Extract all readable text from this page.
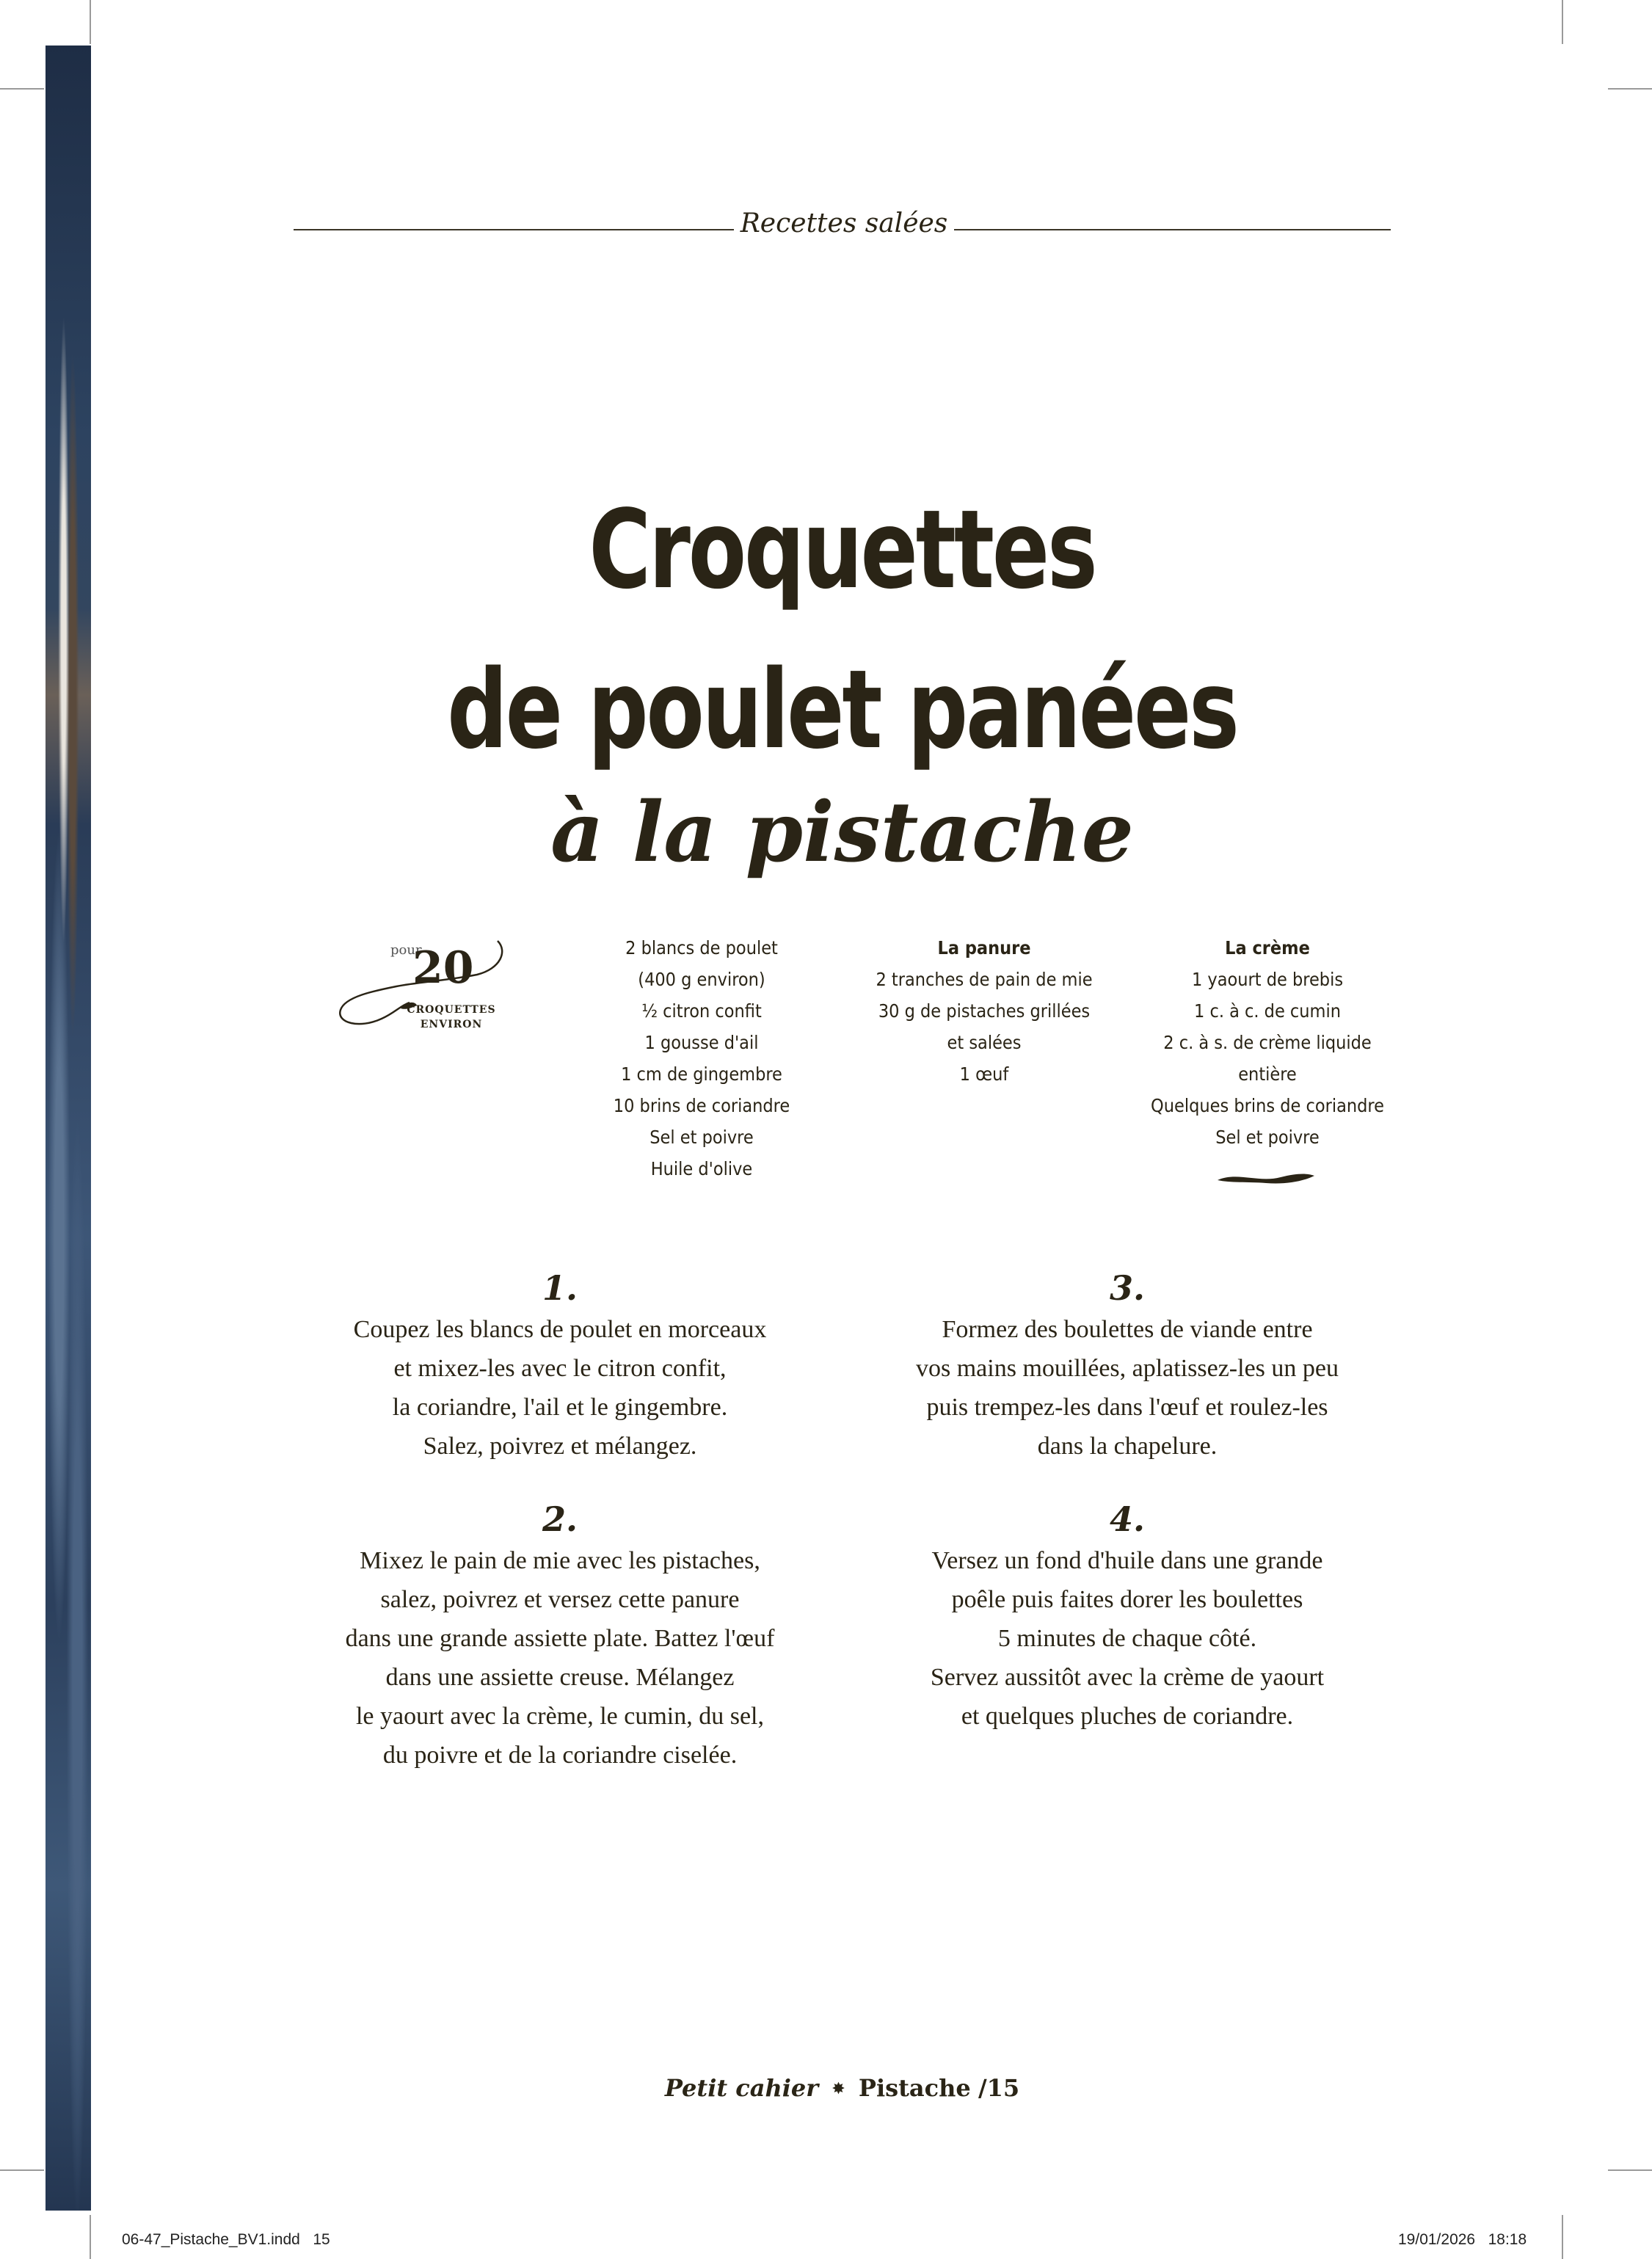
Recettes salées
Croquettes
de poulet panées
à la pistache
pour
20
CROQUETTES
ENVIRON
2 blancs de poulet
(400 g environ)
½ citron confit
1 gousse d'ail
1 cm de gingembre
10 brins de coriandre
Sel et poivre
Huile d'olive
La panure
2 tranches de pain de mie
30 g de pistaches grillées
et salées
1 œuf
La crème
1 yaourt de brebis
1 c. à c. de cumin
2 c. à s. de crème liquide
entière
Quelques brins de coriandre
Sel et poivre
1.
Coupez les blancs de poulet en morceaux
et mixez-les avec le citron confit,
la coriandre, l'ail et le gingembre.
Salez, poivrez et mélangez.
2.
Mixez le pain de mie avec les pistaches,
salez, poivrez et versez cette panure
dans une grande assiette plate. Battez l'œuf
dans une assiette creuse. Mélangez
le yaourt avec la crème, le cumin, du sel,
du poivre et de la coriandre ciselée.
3.
Formez des boulettes de viande entre
vos mains mouillées, aplatissez-les un peu
puis trempez-les dans l'œuf et roulez-les
dans la chapelure.
4.
Versez un fond d'huile dans une grande
poêle puis faites dorer les boulettes
5 minutes de chaque côté.
Servez aussitôt avec la crème de yaourt
et quelques pluches de coriandre.
Petit cahier ✸ Pistache /15
06-47_Pistache_BV1.indd   15	19/01/2026   18:18
